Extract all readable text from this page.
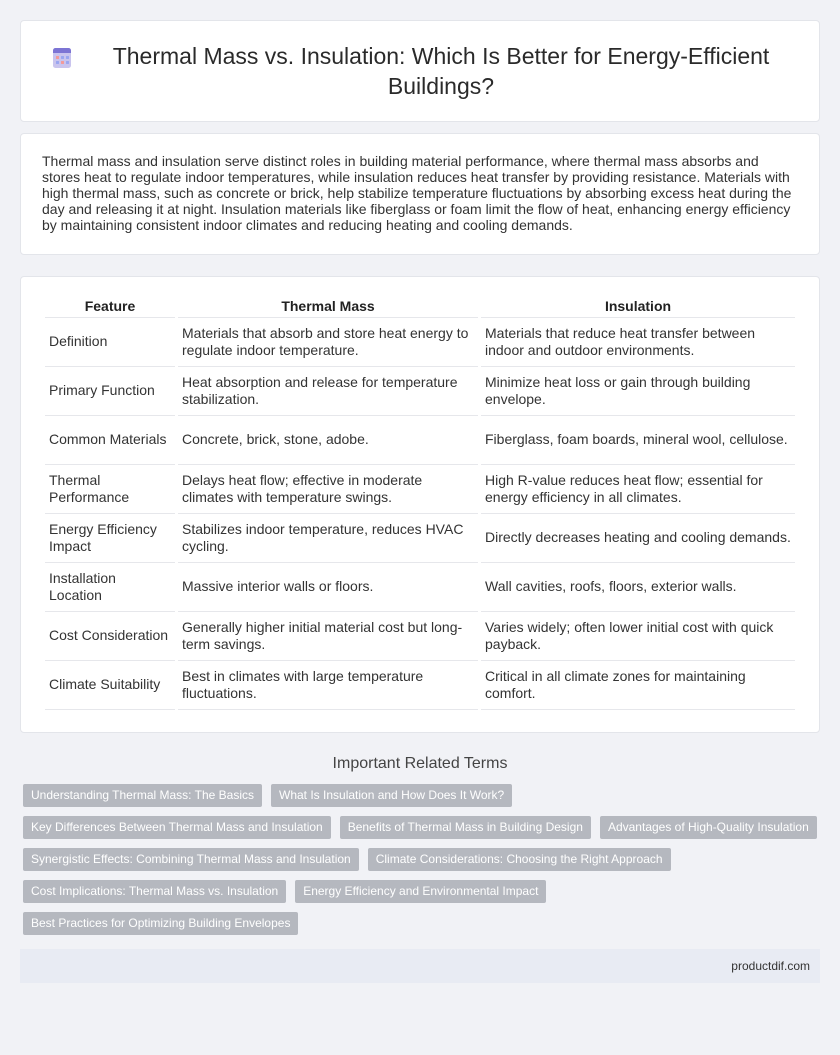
Thermal Mass vs. Insulation: Which Is Better for Energy-Efficient Buildings?

Thermal mass and insulation serve distinct roles in building material performance, where thermal mass absorbs and stores heat to regulate indoor temperatures, while insulation reduces heat transfer by providing resistance. Materials with high thermal mass, such as concrete or brick, help stabilize temperature fluctuations by absorbing excess heat during the day and releasing it at night. Insulation materials like fiberglass or foam limit the flow of heat, enhancing energy efficiency by maintaining consistent indoor climates and reducing heating and cooling demands.

Feature	Thermal Mass	Insulation
Definition	Materials that absorb and store heat energy to regulate indoor temperature.	Materials that reduce heat transfer between indoor and outdoor environments.
Primary Function	Heat absorption and release for temperature stabilization.	Minimize heat loss or gain through building envelope.
Common Materials	Concrete, brick, stone, adobe.	Fiberglass, foam boards, mineral wool, cellulose.
Thermal Performance	Delays heat flow; effective in moderate climates with temperature swings.	High R-value reduces heat flow; essential for energy efficiency in all climates.
Energy Efficiency Impact	Stabilizes indoor temperature, reduces HVAC cycling.	Directly decreases heating and cooling demands.
Installation Location	Massive interior walls or floors.	Wall cavities, roofs, floors, exterior walls.
Cost Consideration	Generally higher initial material cost but long-term savings.	Varies widely; often lower initial cost with quick payback.
Climate Suitability	Best in climates with large temperature fluctuations.	Critical in all climate zones for maintaining comfort.
Important Related Terms
Understanding Thermal Mass: The Basics	What Is Insulation and How Does It Work?
Key Differences Between Thermal Mass and Insulation	Benefits of Thermal Mass in Building Design	Advantages of High-Quality Insulation
Synergistic Effects: Combining Thermal Mass and Insulation	Climate Considerations: Choosing the Right Approach
Cost Implications: Thermal Mass vs. Insulation	Energy Efficiency and Environmental Impact
Best Practices for Optimizing Building Envelopes
productdif.com
